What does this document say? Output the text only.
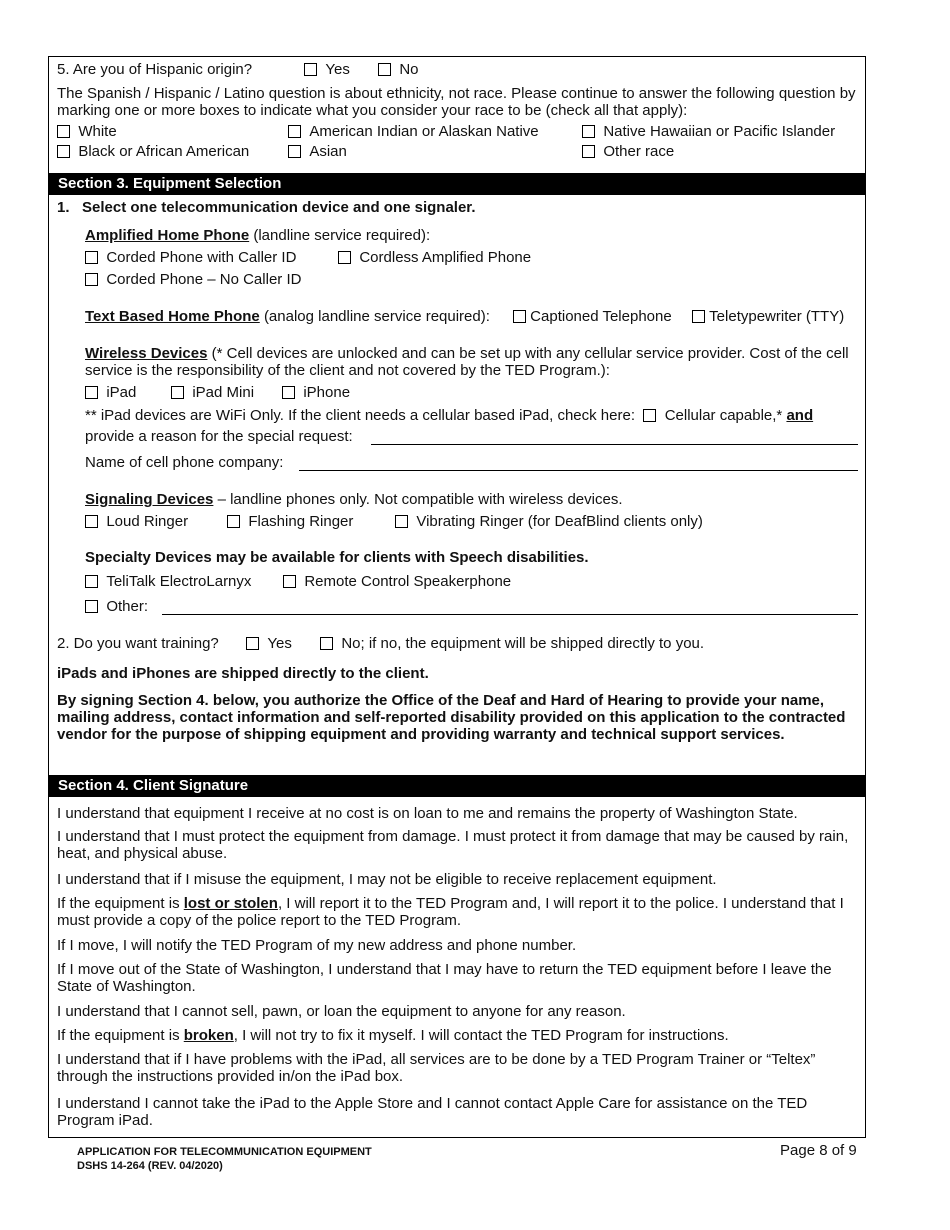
5. Are you of Hispanic origin?	Yes	No
The Spanish / Hispanic / Latino question is about ethnicity, not race. Please continue to answer the following question by marking one or more boxes to indicate what you consider your race to be (check all that apply):
White	American Indian or Alaskan Native	Native Hawaiian or Pacific Islander
Black or African American	Asian	Other race
Section 3. Equipment Selection
1. Select one telecommunication device and one signaler.
Amplified Home Phone (landline service required):
Corded Phone with Caller ID	Cordless Amplified Phone
Corded Phone – No Caller ID
Text Based Home Phone (analog landline service required):	Captioned Telephone	Teletypewriter (TTY)
Wireless Devices (* Cell devices are unlocked and can be set up with any cellular service provider. Cost of the cell service is the responsibility of the client and not covered by the TED Program.):
iPad	iPad Mini	iPhone
** iPad devices are WiFi Only. If the client needs a cellular based iPad, check here: Cellular capable,* and
provide a reason for the special request:
Name of cell phone company:
Signaling Devices – landline phones only. Not compatible with wireless devices.
Loud Ringer	Flashing Ringer	Vibrating Ringer (for DeafBlind clients only)
Specialty Devices may be available for clients with Speech disabilities.
TeliTalk ElectroLarnyx	Remote Control Speakerphone
Other:
2. Do you want training?	Yes	No; if no, the equipment will be shipped directly to you.
iPads and iPhones are shipped directly to the client.
By signing Section 4. below, you authorize the Office of the Deaf and Hard of Hearing to provide your name, mailing address, contact information and self-reported disability provided on this application to the contracted vendor for the purpose of shipping equipment and providing warranty and technical support services.
Section 4. Client Signature
I understand that equipment I receive at no cost is on loan to me and remains the property of Washington State.
I understand that I must protect the equipment from damage. I must protect it from damage that may be caused by rain, heat, and physical abuse.
I understand that if I misuse the equipment, I may not be eligible to receive replacement equipment.
If the equipment is lost or stolen, I will report it to the TED Program and, I will report it to the police. I understand that I must provide a copy of the police report to the TED Program.
If I move, I will notify the TED Program of my new address and phone number.
If I move out of the State of Washington, I understand that I may have to return the TED equipment before I leave the State of Washington.
I understand that I cannot sell, pawn, or loan the equipment to anyone for any reason.
If the equipment is broken, I will not try to fix it myself. I will contact the TED Program for instructions.
I understand that if I have problems with the iPad, all services are to be done by a TED Program Trainer or “Teltex” through the instructions provided in/on the iPad box.
I understand I cannot take the iPad to the Apple Store and I cannot contact Apple Care for assistance on the TED Program iPad.
APPLICATION FOR TELECOMMUNICATION EQUIPMENT
DSHS 14-264 (REV. 04/2020)
Page 8 of 9
